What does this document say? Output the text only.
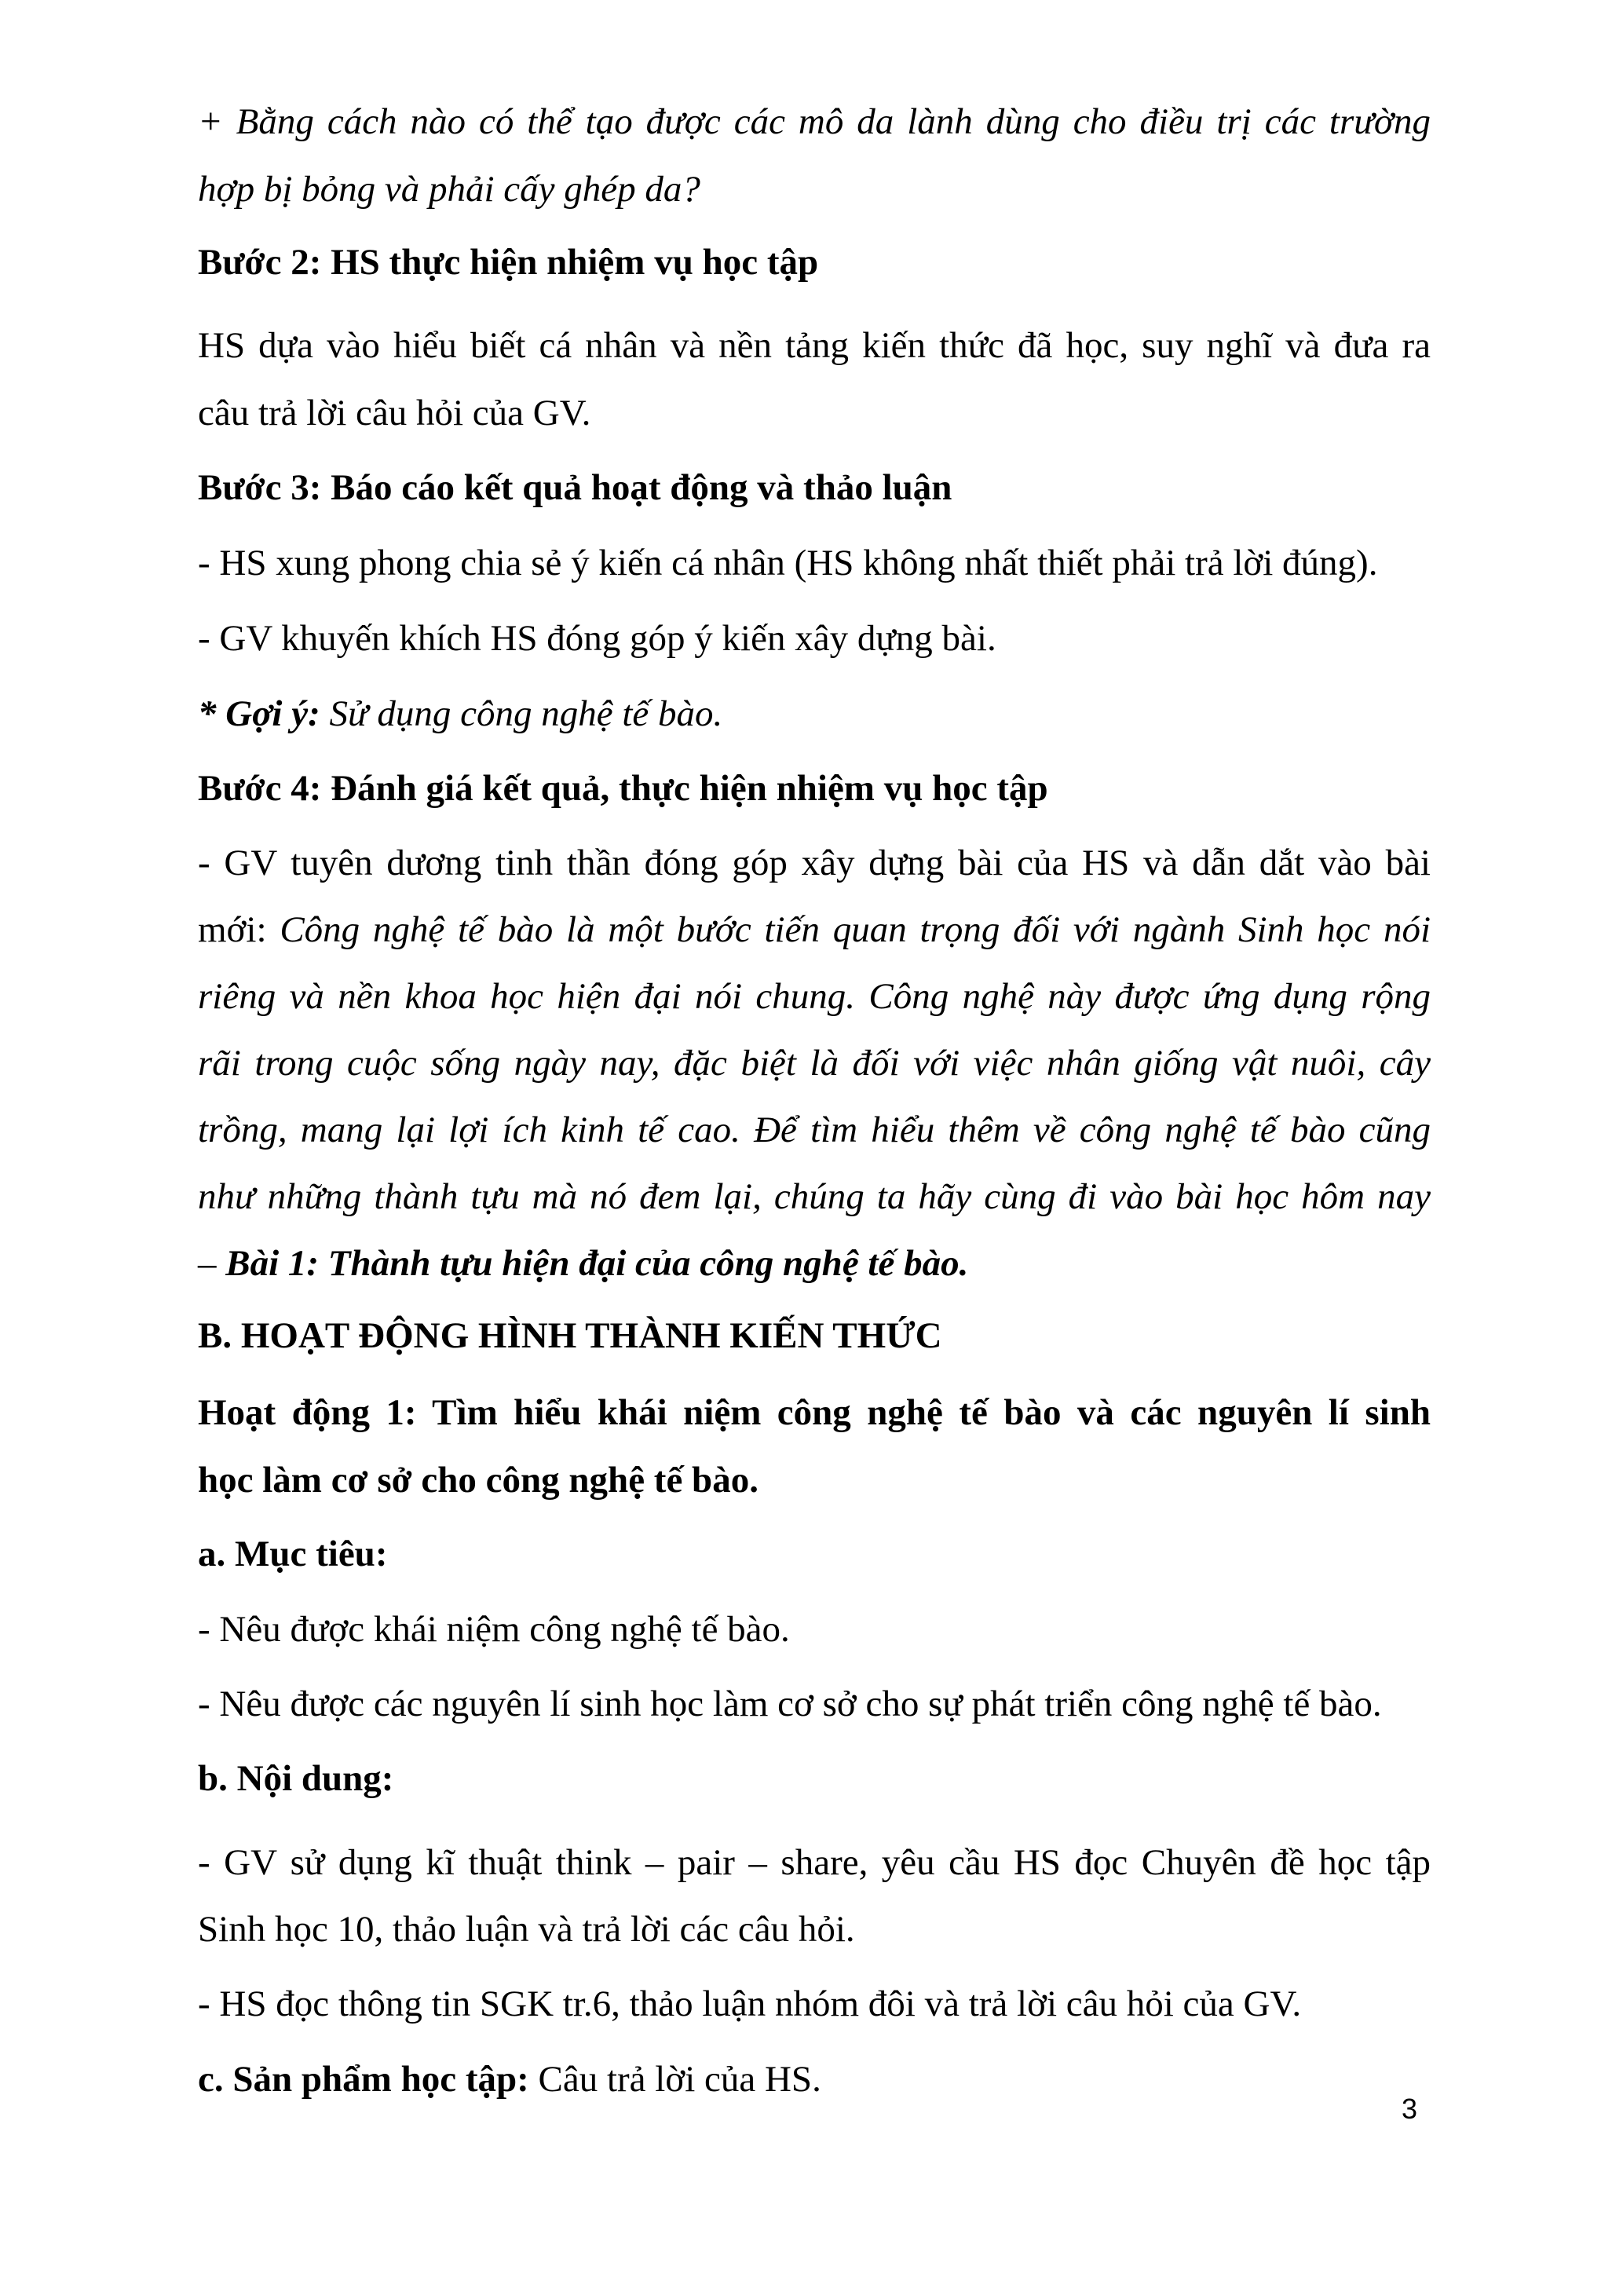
+ Bằng cách nào có thể tạo được các mô da lành dùng cho điều trị các trường
hợp bị bỏng và phải cấy ghép da?
Bước 2: HS thực hiện nhiệm vụ học tập
HS dựa vào hiểu biết cá nhân và nền tảng kiến thức đã học, suy nghĩ và đưa ra
câu trả lời câu hỏi của GV.
Bước 3: Báo cáo kết quả hoạt động và thảo luận
- HS xung phong chia sẻ ý kiến cá nhân (HS không nhất thiết phải trả lời đúng).
- GV khuyến khích HS đóng góp ý kiến xây dựng bài.
* Gợi ý: Sử dụng công nghệ tế bào.
Bước 4: Đánh giá kết quả, thực hiện nhiệm vụ học tập
- GV tuyên dương tinh thần đóng góp xây dựng bài của HS và dẫn dắt vào bài
mới: Công nghệ tế bào là một bước tiến quan trọng đối với ngành Sinh học nói
riêng và nền khoa học hiện đại nói chung. Công nghệ này được ứng dụng rộng
rãi trong cuộc sống ngày nay, đặc biệt là đối với việc nhân giống vật nuôi, cây
trồng, mang lại lợi ích kinh tế cao. Để tìm hiểu thêm về công nghệ tế bào cũng
như những thành tựu mà nó đem lại, chúng ta hãy cùng đi vào bài học hôm nay
– Bài 1: Thành tựu hiện đại của công nghệ tế bào.
B. HOẠT ĐỘNG HÌNH THÀNH KIẾN THỨC
Hoạt động 1: Tìm hiểu khái niệm công nghệ tế bào và các nguyên lí sinh
học làm cơ sở cho công nghệ tế bào.
a. Mục tiêu:
- Nêu được khái niệm công nghệ tế bào.
- Nêu được các nguyên lí sinh học làm cơ sở cho sự phát triển công nghệ tế bào.
b. Nội dung:
- GV sử dụng kĩ thuật think – pair – share, yêu cầu HS đọc Chuyên đề học tập
Sinh học 10, thảo luận và trả lời các câu hỏi.
- HS đọc thông tin SGK tr.6, thảo luận nhóm đôi và trả lời câu hỏi của GV.
c. Sản phẩm học tập: Câu trả lời của HS.
3
